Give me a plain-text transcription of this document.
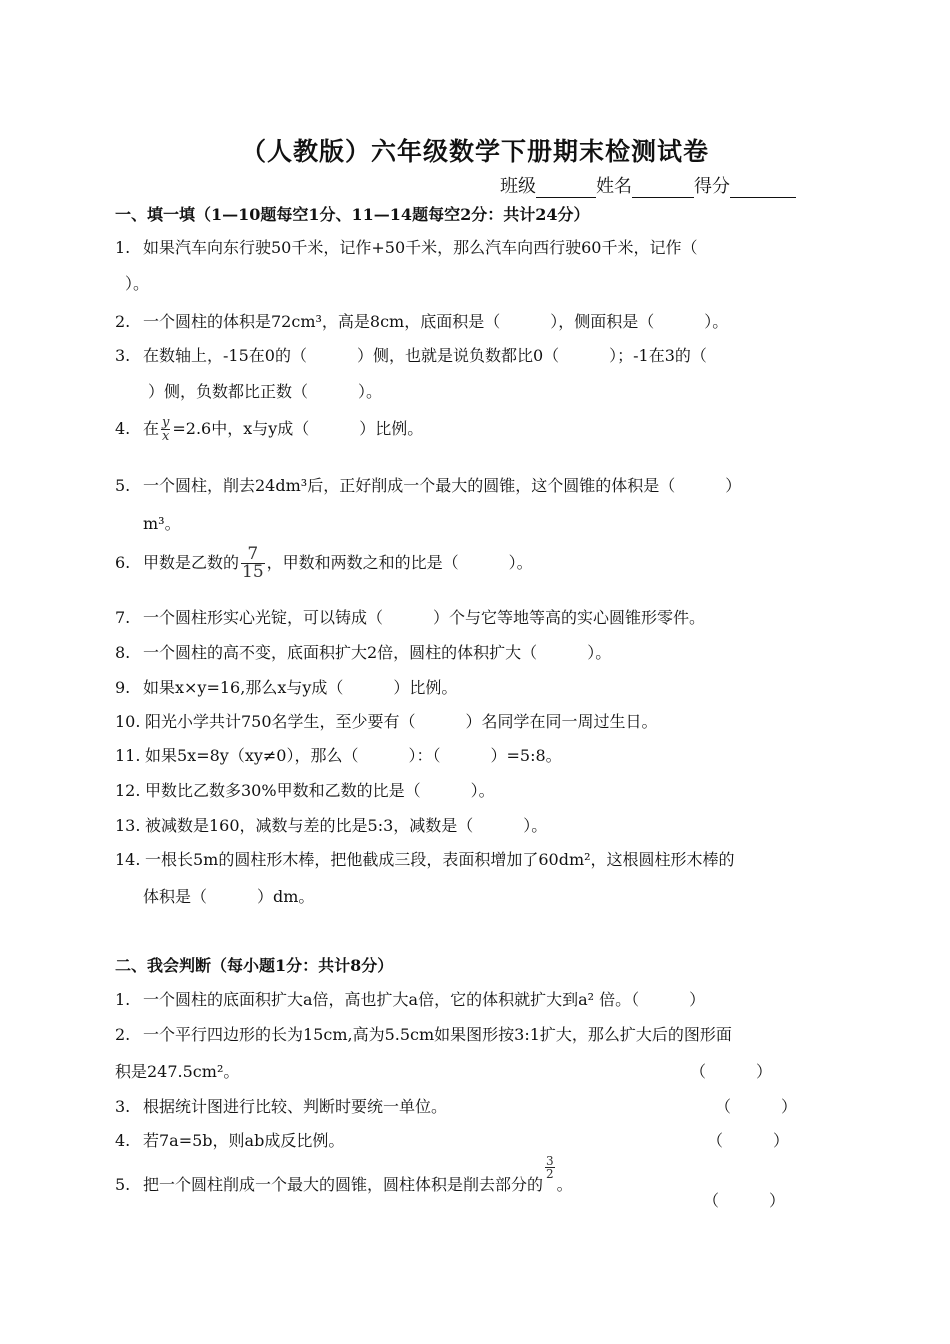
（人教版）六年级数学下册期末检测试卷
班级	姓名	得分
一、填一填（1—10题每空1分、11—14题每空2分：共计24分）
1. 如果汽车向东行驶50千米，记作+50千米，那么汽车向西行驶60千米，记作（
）。
2. 一个圆柱的体积是72cm³，高是8cm，底面积是（	），侧面积是（	）。
3. 在数轴上，-15在0的（	）侧，也就是说负数都比0（	）；-1在3的（
）侧，负数都比正数（	）。
4. 在 $\frac{y}{x} =2.6$中，x与y成（	）比例。
5. 一个圆柱，削去24dm³后，正好削成一个最大的圆锥，这个圆锥的体积是（	）
m³。
6. 甲数是乙数的 $\frac{7}{15}$ ，甲数和两数之和的比是（	）。
7. 一个圆柱形实心光锭，可以铸成（	）个与它等地等高的实心圆锥形零件。
8. 一个圆柱的高不变，底面积扩大2倍，圆柱的体积扩大（	）。
9. 如果x×y=16,那么x与y成（	）比例。
10. 阳光小学共计750名学生，至少要有（	）名同学在同一周过生日。
11. 如果5x=8y（xy≠0），那么（	）：（	）=5:8。
12. 甲数比乙数多30%甲数和乙数的比是（	）。
13. 被减数是160，减数与差的比是5:3，减数是（	）。
14. 一根长5m的圆柱形木棒，把他截成三段，表面积增加了60dm²，这根圆柱形木棒的
体积是（	）dm。
二、我会判断（每小题1分：共计8分）
1. 一个圆柱的底面积扩大a倍，高也扩大a倍，它的体积就扩大到a² 倍。（	）
2. 一个平行四边形的长为15cm,高为5.5cm如果图形按3:1扩大，那么扩大后的图形面
积是247.5cm²。	（	）
3. 根据统计图进行比较、判断时要统一单位。	（	）
4. 若7a=5b，则ab成反比例。	（	）
5. 把一个圆柱削成一个最大的圆锥，圆柱体积是削去部分的
$\frac{3}{2}$
。
（	）
